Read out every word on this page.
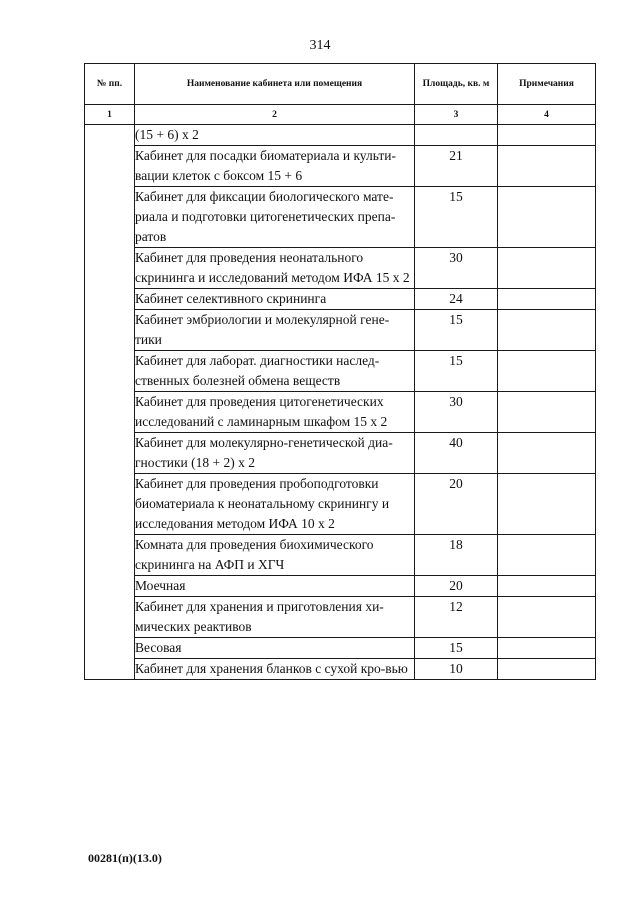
314
№ пп.	Наименование кабинета или помещения	Площадь, кв. м	Примечания
1	2	3	4
	(15 + 6) x 2		
	Кабинет для посадки биоматериала и культи-вации клеток с боксом 15 + 6	21	
	Кабинет для фиксации биологического мате-риала и подготовки цитогенетических препа-ратов	15	
	Кабинет для проведения неонатального скрининга и исследований методом ИФА 15 x 2	30	
	Кабинет селективного скрининга	24	
	Кабинет эмбриологии и молекулярной гене-тики	15	
	Кабинет для лаборат. диагностики наслед-ственных болезней обмена веществ	15	
	Кабинет для проведения цитогенетических исследований с ламинарным шкафом 15 x 2	30	
	Кабинет для молекулярно-генетической диа-гностики (18 + 2) x 2	40	
	Кабинет для проведения пробоподготовки биоматериала к неонатальному скринингу и исследования методом ИФА 10 x 2	20	
	Комната для проведения биохимического скрининга на АФП и ХГЧ	18	
	Моечная	20	
	Кабинет для хранения и приготовления хи-мических реактивов	12	
	Весовая	15	
	Кабинет для хранения бланков с сухой кро-вью	10	
00281(п)(13.0)
